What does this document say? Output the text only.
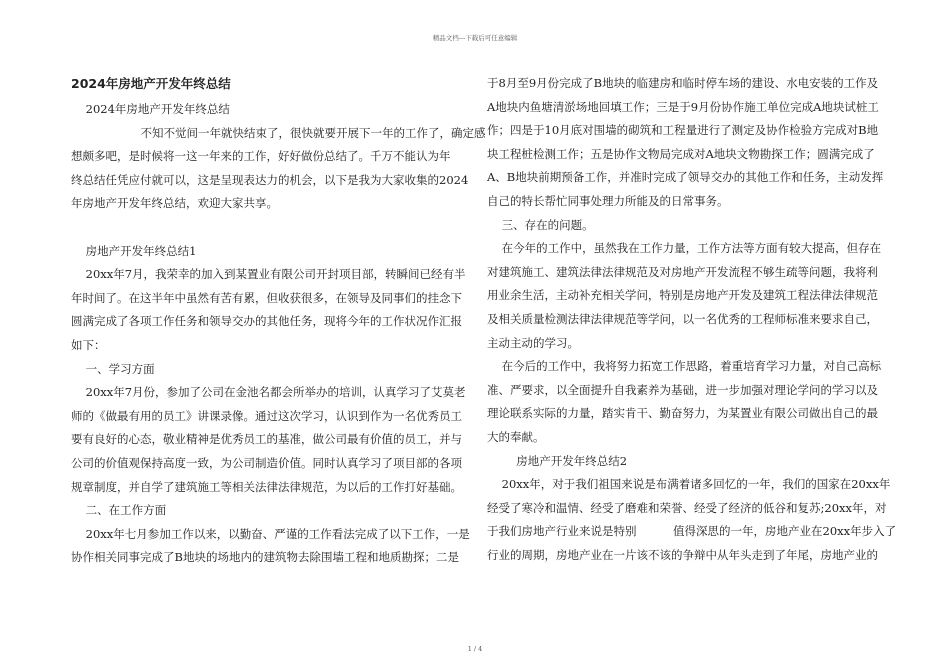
精品文档---下载后可任意编辑
2024年房地产开发年终总结
2024年房地产开发年终总结
不知不觉间一年就快结束了，很快就要开展下一年的工作了，确定感
想颇多吧，是时候将一这一年来的工作，好好做份总结了。千万不能认为年
终总结任凭应付就可以，这是呈现表达力的机会，以下是我为大家收集的2024
年房地产开发年终总结，欢迎大家共享。
房地产开发年终总结1
20xx年7月，我荣幸的加入到某置业有限公司开封项目部，转瞬间已经有半
年时间了。在这半年中虽然有苦有累，但收获很多，在领导及同事们的挂念下
圆满完成了各项工作任务和领导交办的其他任务，现将今年的工作状况作汇报
如下：
一、学习方面
20xx年7月份，参加了公司在金池名都会所举办的培训，认真学习了艾莫老
师的《做最有用的员工》讲课录像。通过这次学习，认识到作为一名优秀员工
要有良好的心态，敬业精神是优秀员工的基准，做公司最有价值的员工，并与
公司的价值观保持高度一致，为公司制造价值。同时认真学习了项目部的各项
规章制度，并自学了建筑施工等相关法律法律规范，为以后的工作打好基础。
二、在工作方面
20xx年七月参加工作以来，以勤奋、严谨的工作看法完成了以下工作，一是
协作相关同事完成了B地块的场地内的建筑物去除围墙工程和地质勘探；二是
于8月至9月份完成了B地块的临建房和临时停车场的建设、水电安装的工作及
A地块内鱼塘清淤场地回填工作；三是于9月份协作施工单位完成A地块试桩工
作；四是于10月底对围墙的砌筑和工程量进行了测定及协作检验方完成对B地
块工程桩检测工作；五是协作文物局完成对A地块文物勘探工作；圆满完成了
A、B地块前期预备工作，并准时完成了领导交办的其他工作和任务，主动发挥
自己的特长帮忙同事处理力所能及的日常事务。
三、存在的问题。
在今年的工作中，虽然我在工作力量，工作方法等方面有较大提高，但存在
对建筑施工、建筑法律法律规范及对房地产开发流程不够生疏等问题，我将利
用业余生活，主动补充相关学问，特别是房地产开发及建筑工程法律法律规范
及相关质量检测法律法律规范等学问，以一名优秀的工程师标准来要求自己，
主动主动的学习。
在今后的工作中，我将努力拓宽工作思路，着重培育学习力量，对自己高标
准、严要求，以全面提升自我素养为基础，进一步加强对理论学问的学习以及
理论联系实际的力量，踏实肯干、勤奋努力，为某置业有限公司做出自己的最
大的奉献。
房地产开发年终总结2
20xx年，对于我们祖国来说是布满着诸多回忆的一年，我们的国家在20xx年
经受了寒冷和温情、经受了磨难和荣誉、经受了经济的低谷和复苏;20xx年，对
于我们房地产行业来说是特别          值得深思的一年，房地产业在20xx年步入了
行业的周期，房地产业在一片该不该的争辩中从年头走到了年尾，房地产业的
1 / 4
